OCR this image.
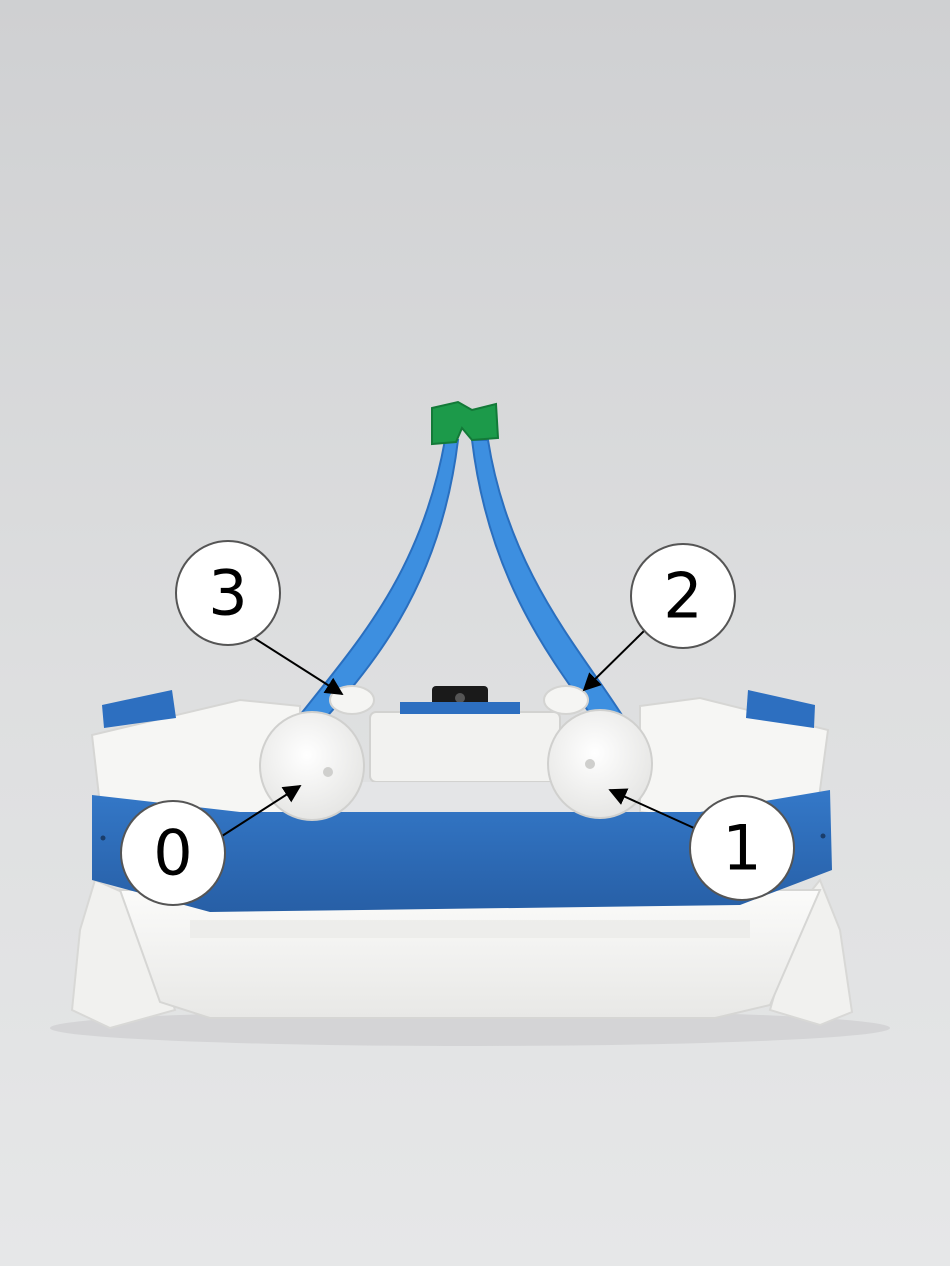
3	2
0	1
